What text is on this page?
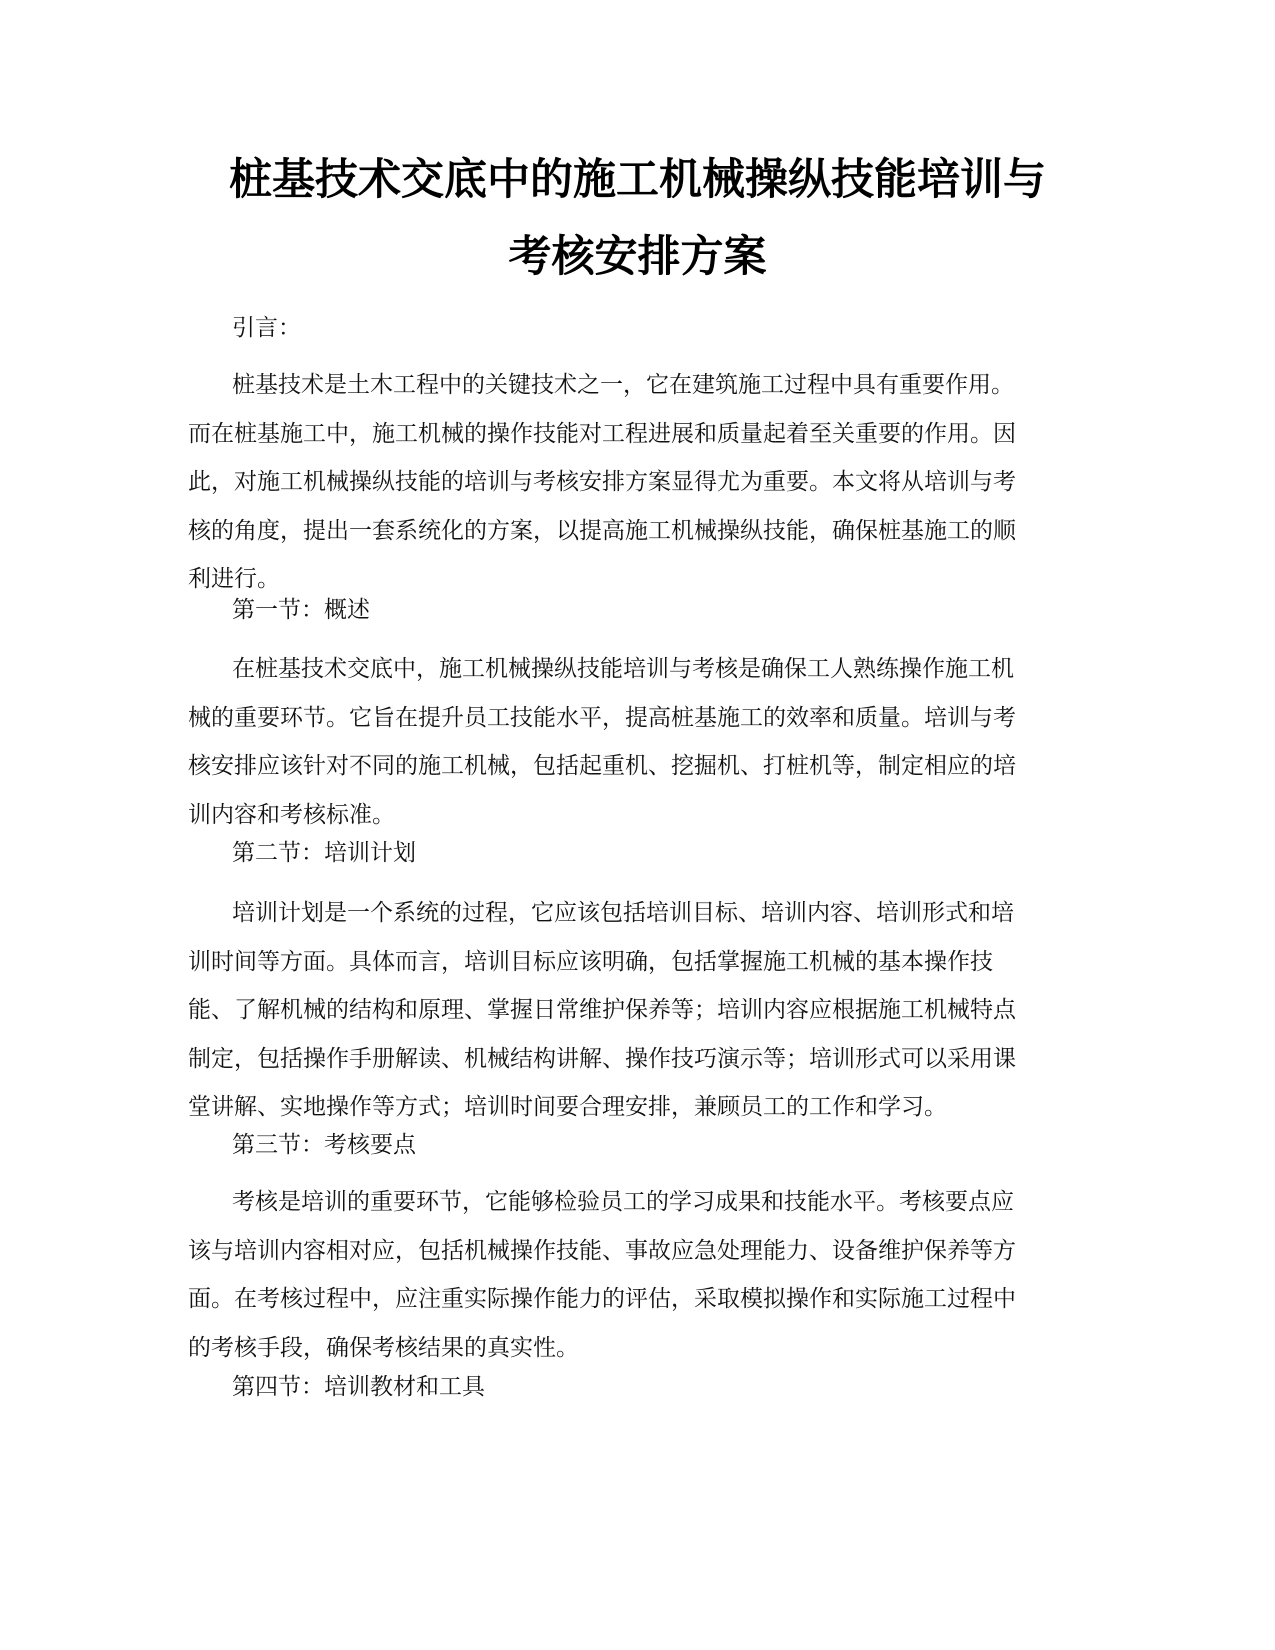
桩基技术交底中的施工机械操纵技能培训与
考核安排方案

引言：

桩基技术是土木工程中的关键技术之一，它在建筑施工过程中具有重要作用。
而在桩基施工中，施工机械的操作技能对工程进展和质量起着至关重要的作用。因
此，对施工机械操纵技能的培训与考核安排方案显得尤为重要。本文将从培训与考
核的角度，提出一套系统化的方案，以提高施工机械操纵技能，确保桩基施工的顺
利进行。

第一节：概述

在桩基技术交底中，施工机械操纵技能培训与考核是确保工人熟练操作施工机
械的重要环节。它旨在提升员工技能水平，提高桩基施工的效率和质量。培训与考
核安排应该针对不同的施工机械，包括起重机、挖掘机、打桩机等，制定相应的培
训内容和考核标准。

第二节：培训计划

培训计划是一个系统的过程，它应该包括培训目标、培训内容、培训形式和培
训时间等方面。具体而言，培训目标应该明确，包括掌握施工机械的基本操作技
能、了解机械的结构和原理、掌握日常维护保养等；培训内容应根据施工机械特点
制定，包括操作手册解读、机械结构讲解、操作技巧演示等；培训形式可以采用课
堂讲解、实地操作等方式；培训时间要合理安排，兼顾员工的工作和学习。

第三节：考核要点

考核是培训的重要环节，它能够检验员工的学习成果和技能水平。考核要点应
该与培训内容相对应，包括机械操作技能、事故应急处理能力、设备维护保养等方
面。在考核过程中，应注重实际操作能力的评估，采取模拟操作和实际施工过程中
的考核手段，确保考核结果的真实性。

第四节：培训教材和工具
